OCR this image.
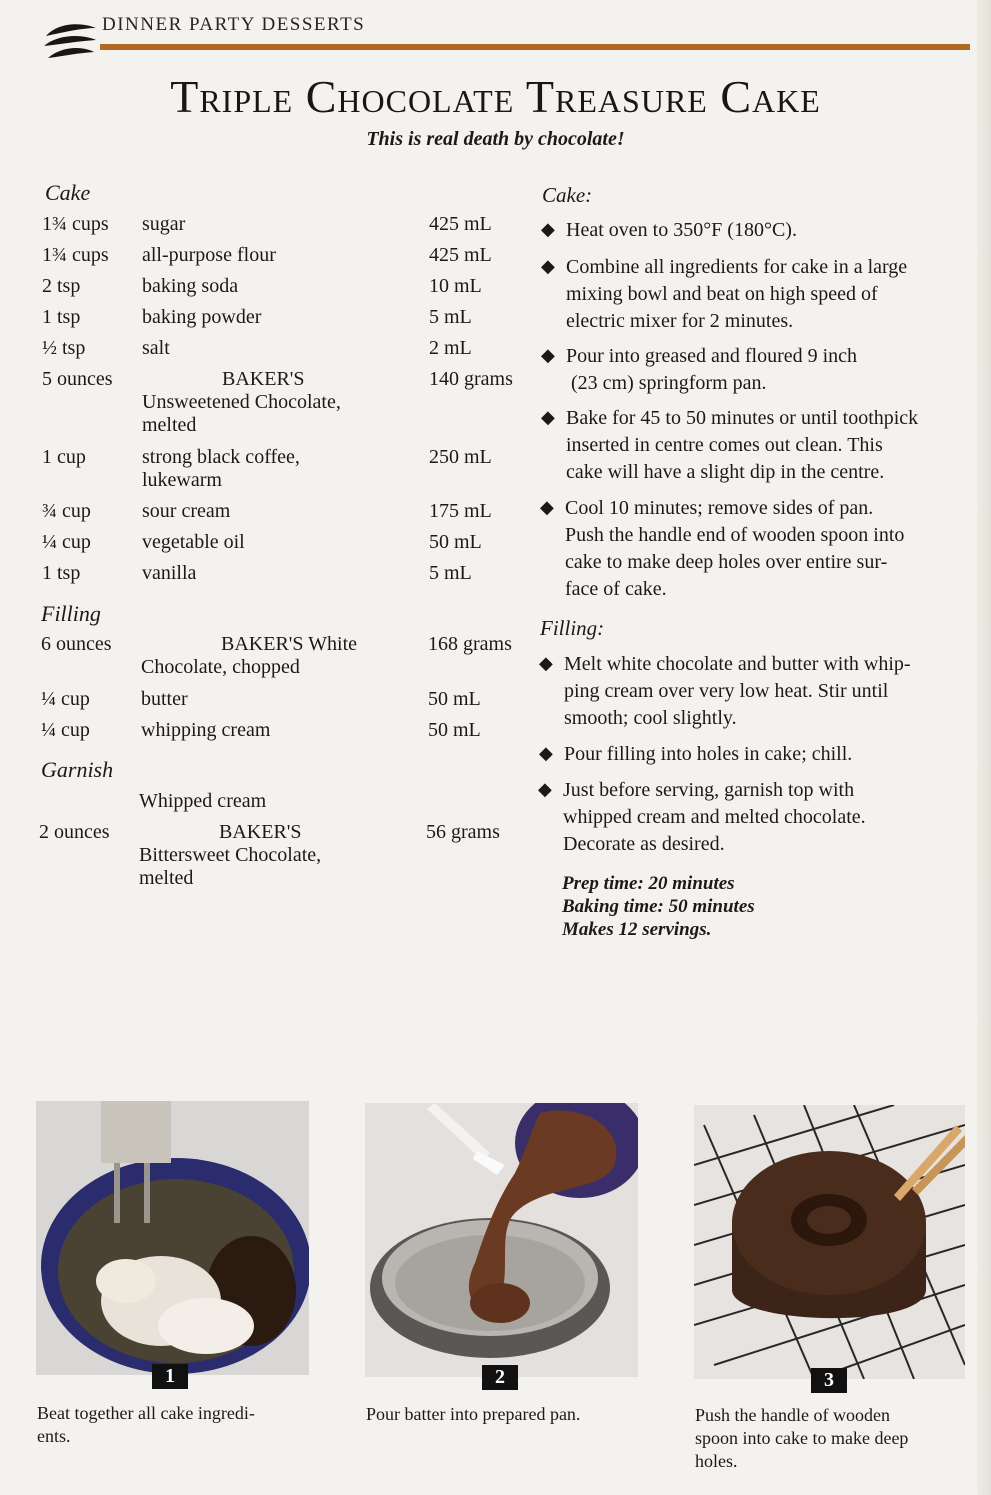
DINNER PARTY DESSERTS
Triple Chocolate Treasure Cake
This is real death by chocolate!
Cake
1¾ cups	sugar	425 mL
1¾ cups	all-purpose flour	425 mL
2 tsp	baking soda	10 mL
1 tsp	baking powder	5 mL
½ tsp	salt	2 mL
5 ounces	BAKER'S
Unsweetened Chocolate,
melted
140 grams
1 cup	strong black coffee,
lukewarm
250 mL
¾ cup	sour cream	175 mL
¼ cup	vegetable oil	50 mL
1 tsp	vanilla	5 mL
Filling
6 ounces	BAKER'S White
Chocolate, chopped
168 grams
¼ cup	butter	50 mL
¼ cup	whipping cream	50 mL
Garnish
Whipped cream
2 ounces	BAKER'S
Bittersweet Chocolate,
melted
56 grams
Cake:
◆ Heat oven to 350°F (180°C).
◆ Combine all ingredients for cake in a large
mixing bowl and beat on high speed of
electric mixer for 2 minutes.
◆ Pour into greased and floured 9 inch
(23 cm) springform pan.
◆ Bake for 45 to 50 minutes or until toothpick
inserted in centre comes out clean. This
cake will have a slight dip in the centre.
◆ Cool 10 minutes; remove sides of pan.
Push the handle end of wooden spoon into
cake to make deep holes over entire sur-
face of cake.
Filling:
◆ Melt white chocolate and butter with whip-
ping cream over very low heat. Stir until
smooth; cool slightly.
◆ Pour filling into holes in cake; chill.
◆ Just before serving, garnish top with
whipped cream and melted chocolate.
Decorate as desired.
Prep time: 20 minutes
Baking time: 50 minutes
Makes 12 servings.
1
Beat together all cake ingredi-
ents.
2
Pour batter into prepared pan.
3
Push the handle of wooden
spoon into cake to make deep
holes.
